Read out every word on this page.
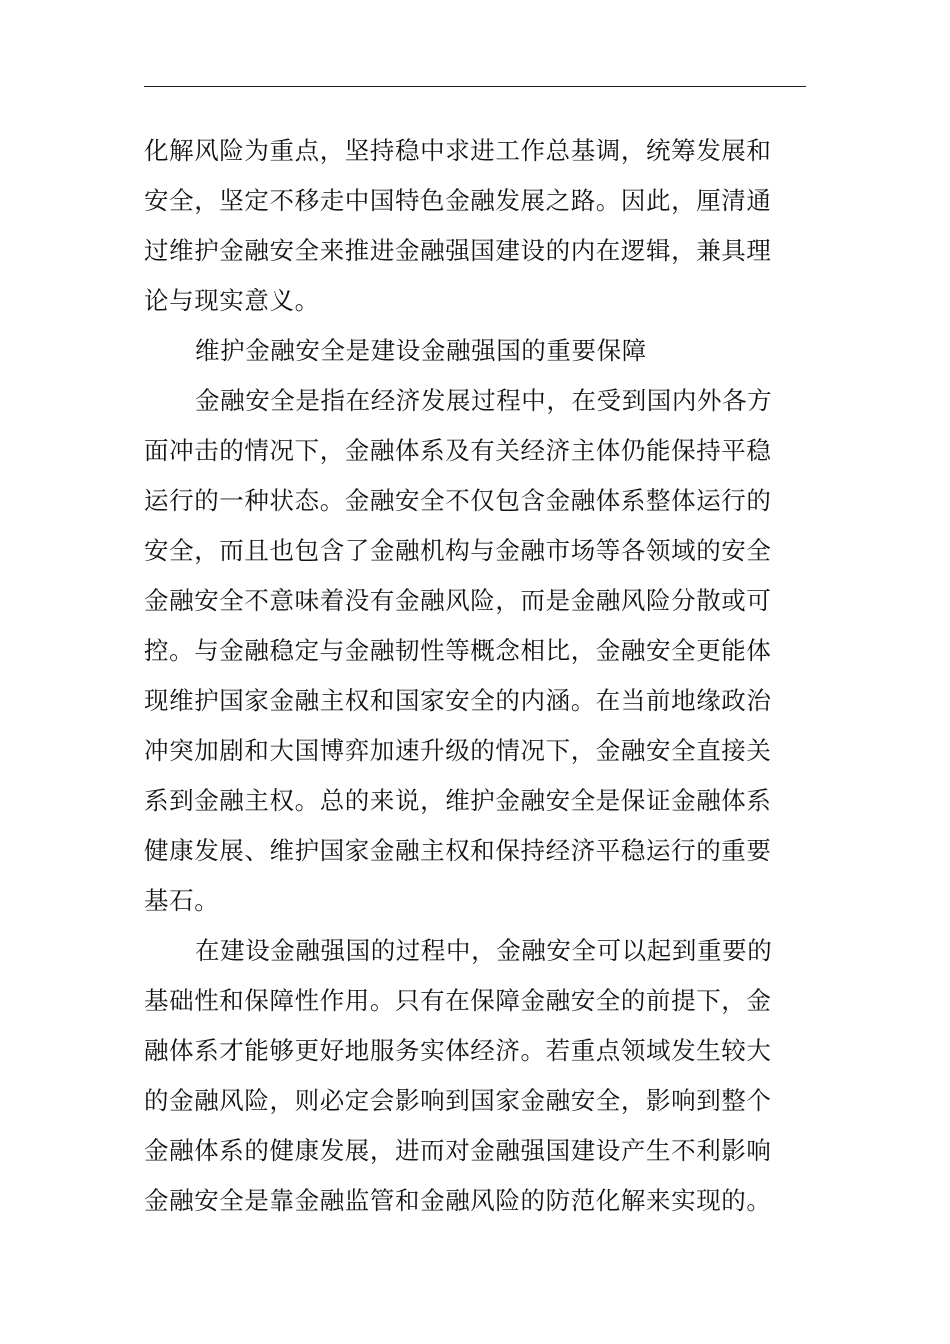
化解风险为重点，坚持稳中求进工作总基调，统筹发展和
安全，坚定不移走中国特色金融发展之路。因此，厘清通
过维护金融安全来推进金融强国建设的内在逻辑，兼具理
论与现实意义。
维护金融安全是建设金融强国的重要保障
金融安全是指在经济发展过程中，在受到国内外各方
面冲击的情况下，金融体系及有关经济主体仍能保持平稳
运行的一种状态。金融安全不仅包含金融体系整体运行的
安全，而且也包含了金融机构与金融市场等各领域的安全
金融安全不意味着没有金融风险，而是金融风险分散或可
控。与金融稳定与金融韧性等概念相比，金融安全更能体
现维护国家金融主权和国家安全的内涵。在当前地缘政治
冲突加剧和大国博弈加速升级的情况下，金融安全直接关
系到金融主权。总的来说，维护金融安全是保证金融体系
健康发展、维护国家金融主权和保持经济平稳运行的重要
基石。
在建设金融强国的过程中，金融安全可以起到重要的
基础性和保障性作用。只有在保障金融安全的前提下，金
融体系才能够更好地服务实体经济。若重点领域发生较大
的金融风险，则必定会影响到国家金融安全，影响到整个
金融体系的健康发展，进而对金融强国建设产生不利影响
金融安全是靠金融监管和金融风险的防范化解来实现的。
